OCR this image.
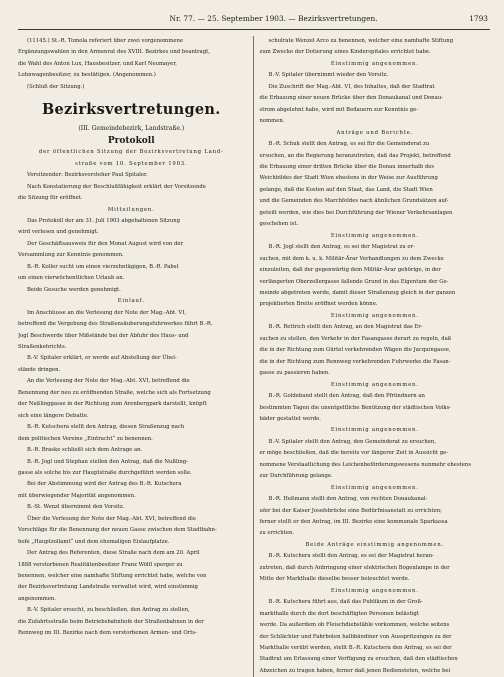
Nr. 77. — 25. September 1903. — Bezirksvertretungen.	1793

(11145.) St.-R. Tomola referiert über zwei vorgenommene

Ergänzungswahlen in den Armenrat des XVIII. Bezirkes und beantragt,

die Wahl des Anton Lux, Hausbesitzer, und Karl Neumayer,

Lohnwagenbesitzer, zu bestätigen. (Angenommen.)

(Schluß der Sitzung.)

Bezirksvertretungen.
(III. Gemeindebezirk, Landstraße.)
Protokoll

der öffentlichen Sitzung der Bezirksvertretung Land-

straße vom 10. September 1903.

Vorsitzender: Bezirksvorsteher Paul Spitaler.

Nach Konstatierung der Beschlußfähigkeit erklärt der Vorsitzende

die Sitzung für eröffnet.

Mitteilungen.

Das Protokoll der am 31. Juli 1903 abgehaltenen Sitzung

wird verlesen und genehmigt.

Der Geschäftsausweis für den Monat August wird von der

Versammlung zur Kenntnis genommen.

B.-R. Koller sucht um einen vierzehntägigen, B.-R. Pabst

um einen vierwöchentlichen Urlaub an.

Beide Gesuche werden genehmigt.

Einlauf.

Im Anschlusse an die Verlesung der Note der Mag.-Abt. VI,

betreffend die Vergebung des Straßensäuberungsfuhrwerkes führt B.-R.

Jogl Beschwerde über Mißstände bei der Abfuhr des Haus- und

Straßenkehrichts.

B.-V. Spitaler erklärt, er werde auf Abstellung der Übel-

stände dringen.

An die Verlesung der Note der Mag.-Abt. XVI, betreffend die

Benennung der neu zu eröffnenden Straße, welche sich als Fortsetzung

der Nußlinggasse in der Richtung zum Arenbergpark darstellt, knüpft

sich eine längere Debatte.

B.-R. Kutschera stellt den Antrag, diesen Straßenzug nach

dem politischen Vereine „Eintracht“ zu benennen.

B.-R. Braske schließt sich dem Antrage an.

B.-R. Jogl und Stephan stellen den Antrag, daß die Nußling-

gasse als solche bis zur Hauptstraße durchgeführt werden solle.

Bei der Abstimmung wird der Antrag des B.-R. Kutschera

mit überwiegender Majorität angenommen.

B.-St. Wenzl übernimmt den Vorsitz.

Über die Verlesung der Note der Mag.-Abt. XVI, betreffend die

Vorschläge für die Benennung der neuen Gasse zwischen dem Stadtbahn-

hofe „Hauptzollamt“ und dem ehemaligen Eislaufplatze.

Der Antrag des Referenten, diese Straße nach dem am 20. April

1888 verstorbenen Realitätenbesitzer Franz Wölfl sperger zu

benennen, welcher eine namhafte Stiftung errichtet habe, welche von

der Bezirksvertretung Landstraße verwaltet wird, wird einstimmig

angenommen.

B.-V. Spitaler ersucht, zu beschließen, den Antrag zu stellen,

die Zufahrtsstraße beim Betriebsbahnhofe der Straßenbahnen in der

Rennweg im III. Bezirke nach dem verstorbenen Armen- und Orts-

schulrate Wenzel Arco zu benennen, welcher eine namhafte Stiftung

zum Zwecke der Dotierung eines Kinderspitales errichtet habe.

Einstimmig angenommen.

B.-V. Spitaler übernimmt wieder den Vorsitz.

Die Zuschrift der Mag.-Abt. VI, des Inhaltes, daß der Stadtrat

die Erbauung einer neuen Brücke über den Donaukanal und Donau-

strom abgelehnt habe, wird mit Bedauern zur Kenntnis ge-

nommen.

Anträge und Berichte.

B.-R. Schuk stellt den Antrag, es sei für die Gemeinderat zu

ersuchen, an die Regierung heranzutreten, daß das Projekt, betreffend

die Erbauung einer dritten Brücke über die Donau innerhalb des

Weichbildes der Stadt Wien ehestens in der Weise zur Ausführung

gelange, daß die Kosten auf den Staat, das Land, die Stadt Wien

und die Gemeinden des Marchfeldes nach ähnlichen Grundsätzen auf-

geteilt werden, wie dies bei Durchführung der Wiener Verkehrsanlagen

geschehen ist.

Einstimmig angenommen.

B.-R. Jogl stellt den Antrag, es sei der Magistrat zu er-

suchen, mit dem k. u. k. Militär-Ärar Verhandlungen zu dem Zwecke

einzuleiten, daß der gegenwärtig dem Militär-Ärar gehörige, in der

verlängerten Oberzellergasse fallende Grund in das Eigentum der Ge-

meinde abgetreten werde, damit dieser Straßenzug gleich in der ganzen

projektierten Breite eröffnet werden könne.

Einstimmig angenommen.

B.-R. Rettrich stellt den Antrag, an den Magistrat das Er-

suchen zu stellen, den Verkehr in der Fasangasse derart zu regeln, daß

die in der Richtung zum Gürtel verkehrenden Wägen die Jacquingasse,

die in der Richtung zum Rennweg verkehrenden Fuhrwerke die Fasan-

gasse zu passieren haben.

Einstimmig angenommen.

B.-R. Goldeband stellt den Antrag, daß den Pfründnern an

bestimmten Tagen die unentgeltliche Benützung der städtischen Volks-

bäder gestattet werde.

Einstimmig angenommen.

B.-V. Spitaler stellt den Antrag, den Gemeinderat zu ersuchen,

er möge beschließen, daß die bereits vor längerer Zeit in Aussicht ge-

nommene Verstaatlichung des Leichenbeförderungswesens nunmehr ehestens

zur Durchführung gelange.

Einstimmig angenommen.

B.-R. Heßmann stellt den Antrag, von rechten Donaukanal-

ufer bei der Kaiser Josefsbrücke eine Bedürfnisanstalt zu errichten;

ferner stellt er den Antrag, im III. Bezirke eine kommunale Sparkassa

zu errichten.

Beide Anträge einstimmig angenommen.

B.-R. Kutschera stellt den Antrag, es sei der Magistrat heran-

zutreten, daß durch Anbringung einer elektrischen Bogenlampe in der

Mitte der Markthalle dieselbe besser beleuchtet werde.

Einstimmig angenommen.

B.-R. Kutschera führt aus, daß das Publikum in der Groß-

markthalle durch die dort beschäftigten Personen belästigt

werde. Da außerdem ob Fleischdiebstähle vorkommen, welche seitens

der Schlächter und Fahrboten halbbändiner von Ausspritzungen zu der

Markthalle verübt werden, stellt B.-R. Kutschera den Antrag, es sei der

Stadtrat um Erlassung einer Verfügung zu ersuchen, daß den städtischen

Abzeichen zu tragen haben, ferner daß jenen Bediensteten, welche bei
